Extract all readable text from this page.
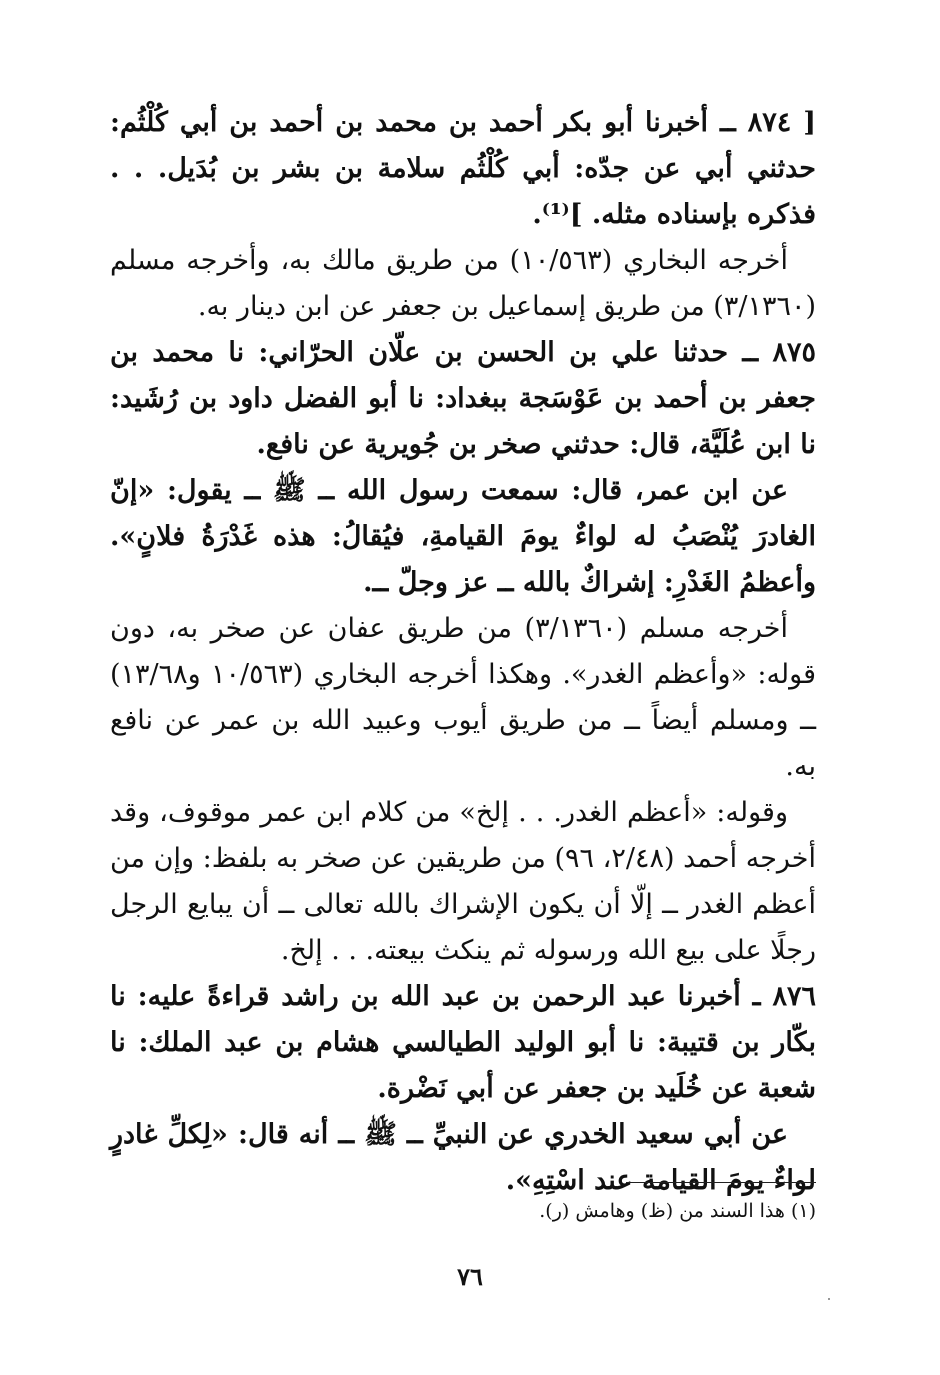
[ ٨٧٤ ــ أخبرنا أبو بكر أحمد بن محمد بن أحمد بن أبي كُلْثُم: حدثني أبي عن جدّه: أبي كُلْثُم سلامة بن بشر بن بُدَيل. . . فذكره بإسناده مثله. ]⁽¹⁾.

أخرجه البخاري (١٠/٥٦٣) من طريق مالك به، وأخرجه مسلم (٣/١٣٦٠) من طريق إسماعيل بن جعفر عن ابن دينار به.

٨٧٥ ــ حدثنا علي بن الحسن بن علّان الحرّاني: نا محمد بن جعفر بن أحمد بن عَوْسَجة ببغداد: نا أبو الفضل داود بن رُشَيد: نا ابن عُلَيَّة، قال: حدثني صخر بن جُويرية عن نافع.

عن ابن عمر، قال: سمعت رسول الله ــ ﷺ ــ يقول: «إنّ الغادرَ يُنْصَبُ له لواءٌ يومَ القيامةِ، فيُقالُ: هذه غَدْرَةُ فلانٍ». وأعظمُ الغَدْرِ: إشراكٌ بالله ــ عز وجلّ ــ.

أخرجه مسلم (٣/١٣٦٠) من طريق عفان عن صخر به، دون قوله: «وأعظم الغدر». وهكذا أخرجه البخاري (١٠/٥٦٣ و١٣/٦٨) ــ ومسلم أيضاً ــ من طريق أيوب وعبيد الله بن عمر عن نافع به.

وقوله: «أعظم الغدر. . . إلخ» من كلام ابن عمر موقوف، وقد أخرجه أحمد (٢/٤٨، ٩٦) من طريقين عن صخر به بلفظ: وإن من أعظم الغدر ــ إلّا أن يكون الإشراك بالله تعالى ــ أن يبايع الرجل رجلًا على بيع الله ورسوله ثم ينكث بيعته. . . إلخ.

٨٧٦ ـ أخبرنا عبد الرحمن بن عبد الله بن راشد قراءةً عليه: نا بكّار بن قتيبة: نا أبو الوليد الطيالسي هشام بن عبد الملك: نا شعبة عن خُلَيد بن جعفر عن أبي نَضْرة.

عن أبي سعيد الخدري عن النبيِّ ــ ﷺ ــ أنه قال: «لِكلِّ غادرٍ لواءٌ يومَ القيامة عند اسْتِهِ».

(١) هذا السند من (ظ) وهامش (ر).
٧٦
